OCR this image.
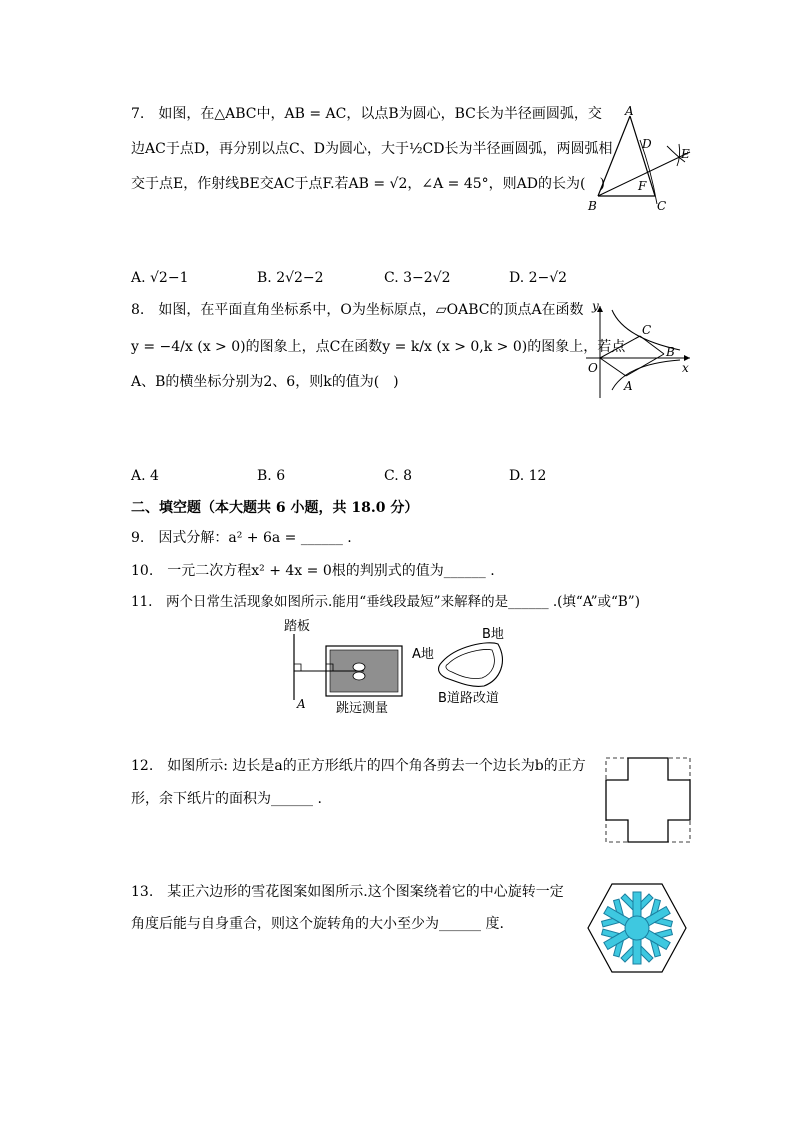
7.　如图，在△ABC中，AB = AC，以点B为圆心，BC长为半径画圆弧，交
边AC于点D，再分别以点C、D为圆心，大于½CD长为半径画圆弧，两圆弧相
交于点E，作射线BE交AC于点F.若AB = √2，∠A = 45°，则AD的长为(　)
A
B	C
D
E
F
A. √2−1	B. 2√2−2	C. 3−2√2	D. 2−√2
8.　如图，在平面直角坐标系中，O为坐标原点，▱OABC的顶点A在函数
y = −4/x (x > 0)的图象上，点C在函数y = k/x (x > 0,k > 0)的图象上，若点
A、B的横坐标分别为2、6，则k的值为(　)
y
x
O
A
B
C
A. 4	B. 6	C. 8	D. 12
二、填空题（本大题共 6 小题，共 18.0 分）
9.　因式分解：a² + 6a = ______ .
10.　一元二次方程x² + 4x = 0根的判别式的值为______ .
11.　两个日常生活现象如图所示.能用“垂线段最短”来解释的是______ .(填“A”或“B”)
踏板
A 跳远测量
B地
A地
B道路改道
12.　如图所示: 边长是a的正方形纸片的四个角各剪去一个边长为b的正方
形，余下纸片的面积为______ .
13.　某正六边形的雪花图案如图所示.这个图案绕着它的中心旋转一定
角度后能与自身重合，则这个旋转角的大小至少为______ 度.
